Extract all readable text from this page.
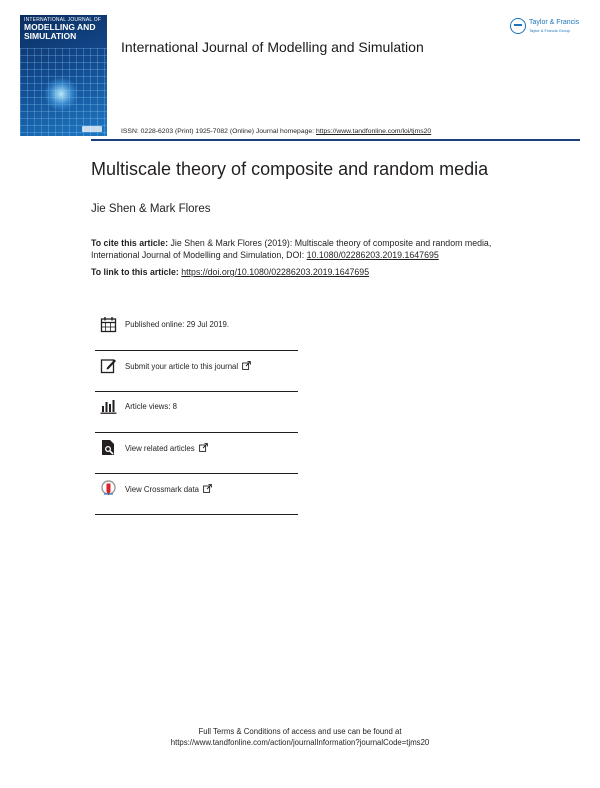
INTERNATIONAL JOURNAL OF
MODELLING AND
SIMULATION
International Journal of Modelling and Simulation
Taylor & Francis
Taylor & Francis Group
ISSN: 0228-6203 (Print) 1925-7082 (Online) Journal homepage: https://www.tandfonline.com/loi/tjms20
Multiscale theory of composite and random media
Jie Shen & Mark Flores
To cite this article: Jie Shen & Mark Flores (2019): Multiscale theory of composite and random media, International Journal of Modelling and Simulation, DOI: 10.1080/02286203.2019.1647695
To link to this article: https://doi.org/10.1080/02286203.2019.1647695
Published online: 29 Jul 2019.
Submit your article to this journal
Article views: 8
View related articles
View Crossmark data
Full Terms & Conditions of access and use can be found at
https://www.tandfonline.com/action/journalInformation?journalCode=tjms20
